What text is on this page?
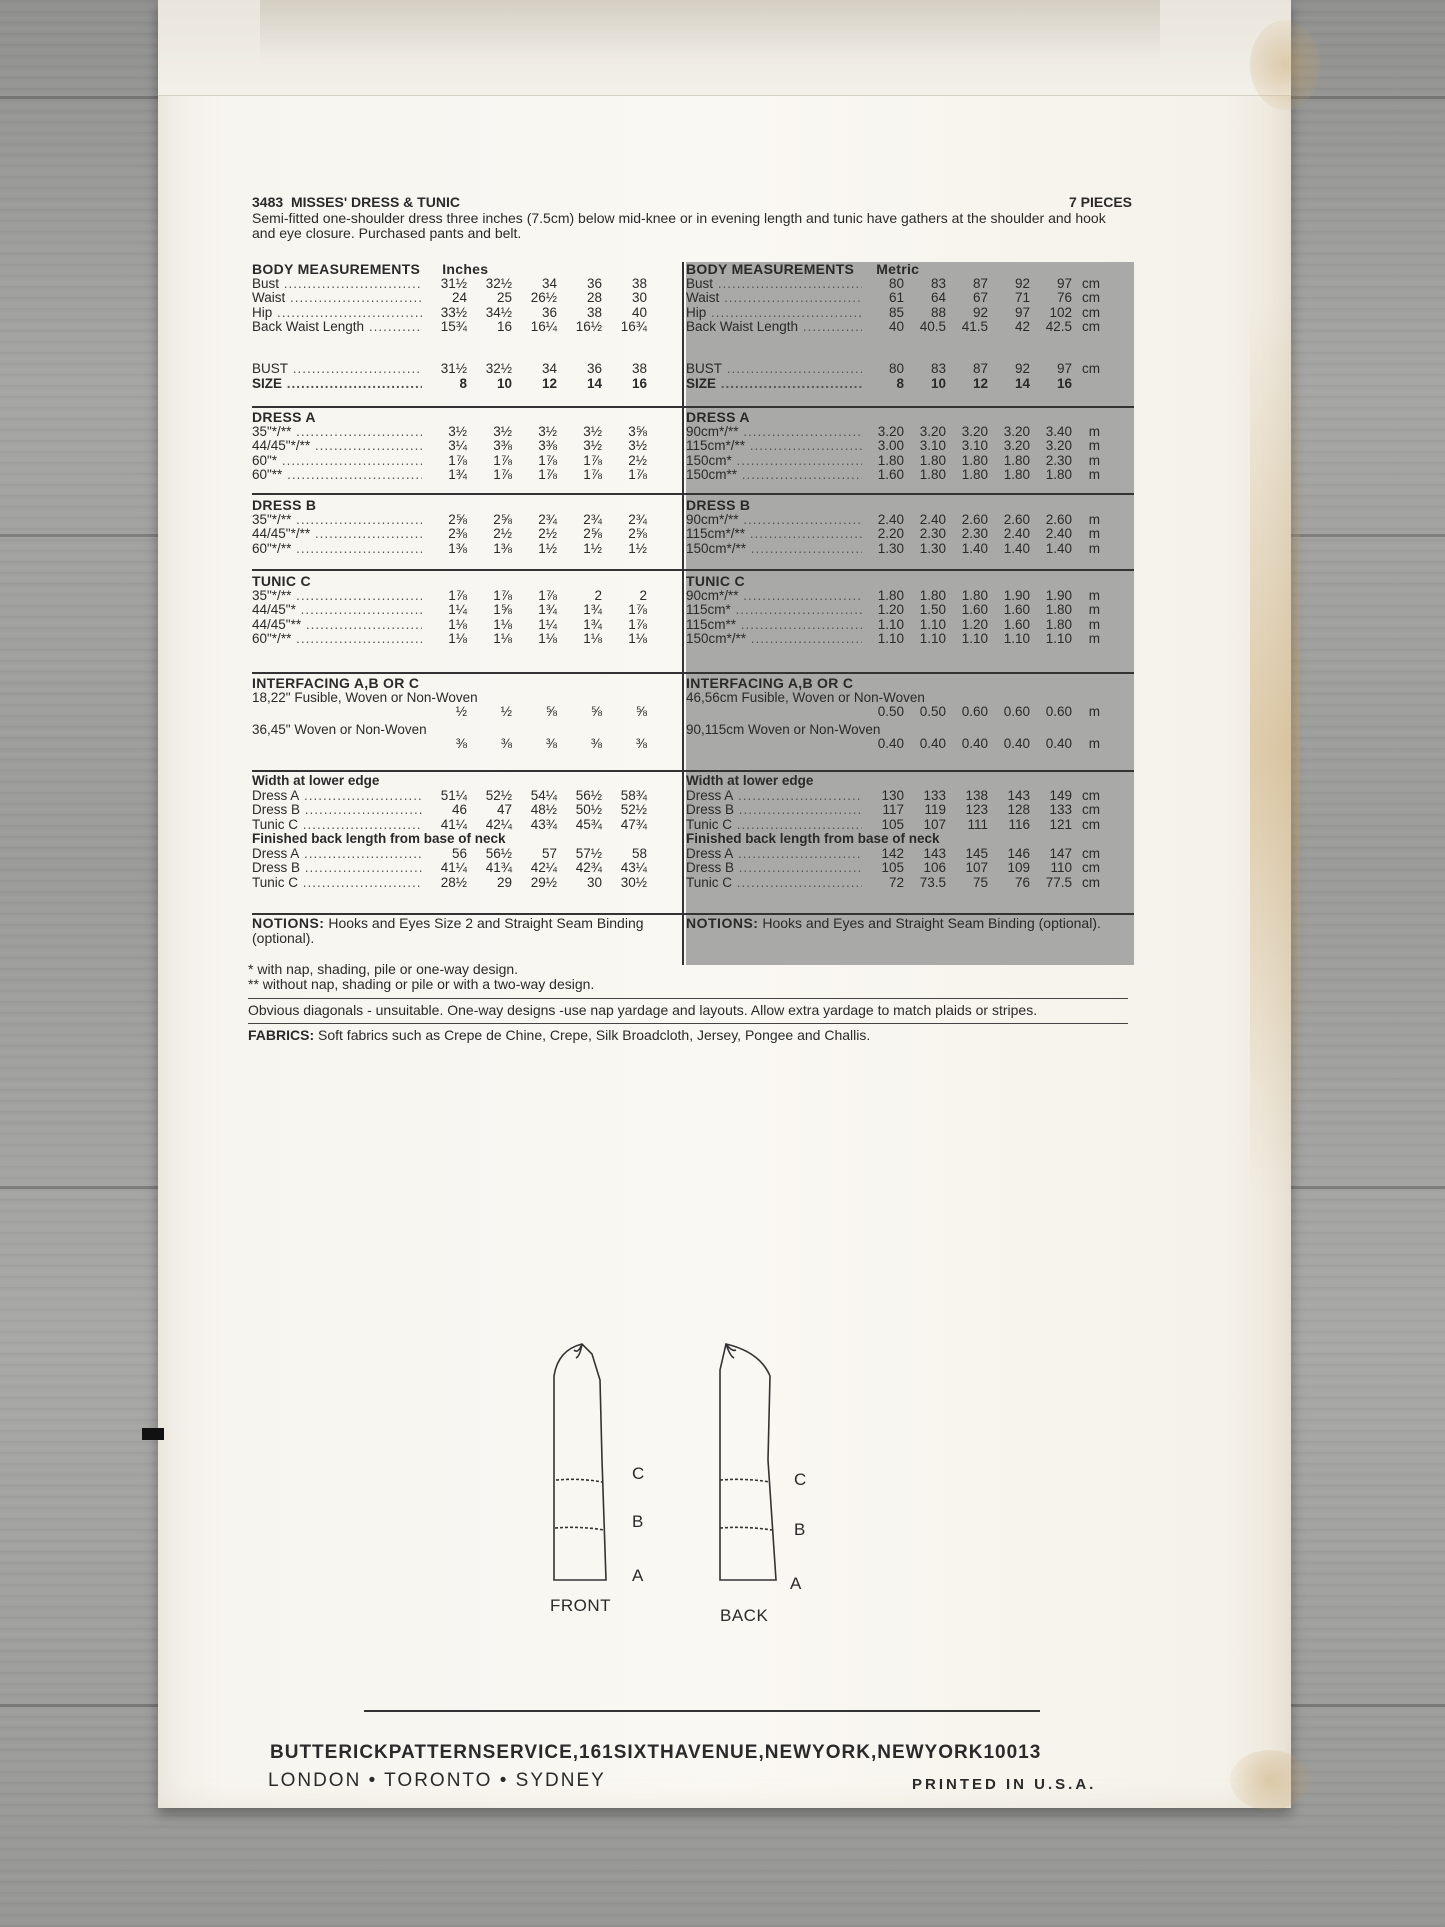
3483 MISSES' DRESS & TUNIC	7 PIECES
Semi-fitted one-shoulder dress three inches (7.5cm) below mid-knee or in evening length and tunic have gathers at the shoulder and hook and eye closure. Purchased pants and belt.
BODY MEASUREMENTS Inches
Bust .....	31½	32½	34	36	38
Waist .....	24	25	26½	28	30
Hip .....	33½	34½	36	38	40
Back Waist Length .....	15¾	16	16¼	16½	16¾
BUST .....	31½	32½	34	36	38
SIZE .....	8	10	12	14	16
DRESS A
35"*/** .....	3½	3½	3½	3½	3⅝
44/45"*/** .....	3¼	3⅜	3⅜	3½	3½
60"* .....	1⅞	1⅞	1⅞	1⅞	2½
60"** .....	1¾	1⅞	1⅞	1⅞	1⅞
DRESS B
35"*/** .....	2⅝	2⅝	2¾	2¾	2¾
44/45"*/** .....	2⅜	2½	2½	2⅝	2⅝
60"*/** .....	1⅜	1⅜	1½	1½	1½
TUNIC C
35"*/** .....	1⅞	1⅞	1⅞	2	2
44/45"* .....	1¼	1⅝	1¾	1¾	1⅞
44/45"** .....	1⅛	1⅛	1¼	1¾	1⅞
60"*/** .....	1⅛	1⅛	1⅛	1⅛	1⅛
INTERFACING A,B OR C
18,22" Fusible, Woven or Non-Woven
½	½	⅝	⅝	⅝
36,45" Woven or Non-Woven
⅜	⅜	⅜	⅜	⅜
Width at lower edge
Dress A .....	51¼	52½	54¼	56½	58¾
Dress B .....	46	47	48½	50½	52½
Tunic C .....	41¼	42¼	43¾	45¾	47¾
Finished back length from base of neck
Dress A .....	56	56½	57	57½	58
Dress B .....	41¼	41¾	42¼	42¾	43¼
Tunic C .....	28½	29	29½	30	30½
NOTIONS: Hooks and Eyes Size 2 and Straight Seam Binding (optional).
BODY MEASUREMENTS Metric
Bust .....	80	83	87	92	97 cm
Waist .....	61	64	67	71	76 cm
Hip .....	85	88	92	97	102 cm
Back Waist Length .....	40	40.5	41.5	42	42.5 cm
BUST .....	80	83	87	92	97 cm
SIZE .....	8	10	12	14	16
DRESS A
90cm*/** .....	3.20	3.20	3.20	3.20	3.40	m
115cm*/** .....	3.00	3.10	3.10	3.20	3.20	m
150cm* .....	1.80	1.80	1.80	1.80	2.30	m
150cm** .....	1.60	1.80	1.80	1.80	1.80	m
DRESS B
90cm*/** .....	2.40	2.40	2.60	2.60	2.60	m
115cm*/** .....	2.20	2.30	2.30	2.40	2.40	m
150cm*/** .....	1.30	1.30	1.40	1.40	1.40	m
TUNIC C
90cm*/** .....	1.80	1.80	1.80	1.90	1.90	m
115cm* .....	1.20	1.50	1.60	1.60	1.80	m
115cm** .....	1.10	1.10	1.20	1.60	1.80	m
150cm*/** .....	1.10	1.10	1.10	1.10	1.10	m
INTERFACING A,B OR C
46,56cm Fusible, Woven or Non-Woven
0.50	0.50	0.60	0.60	0.60	m
90,115cm Woven or Non-Woven
0.40	0.40	0.40	0.40	0.40	m
Width at lower edge
Dress A .....	130	133	138	143	149 cm
Dress B .....	117	119	123	128	133 cm
Tunic C .....	105	107	111	116	121 cm
Finished back length from base of neck
Dress A .....	142	143	145	146	147 cm
Dress B .....	105	106	107	109	110 cm
Tunic C .....	72	73.5	75	76	77.5 cm
NOTIONS: Hooks and Eyes and Straight Seam Binding (optional).
* with nap, shading, pile or one-way design.
** without nap, shading or pile or with a two-way design.
Obvious diagonals - unsuitable. One-way designs -use nap yardage and layouts. Allow extra yardage to match plaids or stripes.
FABRICS: Soft fabrics such as Crepe de Chine, Crepe, Silk Broadcloth, Jersey, Pongee and Challis.
C
B
A
C
B
A
FRONT
BACK
BUTTERICKPATTERNSERVICE,161SIXTHAVENUE,NEWYORK,NEWYORK10013
LONDON • TORONTO • SYDNEY	PRINTED IN U.S.A.
